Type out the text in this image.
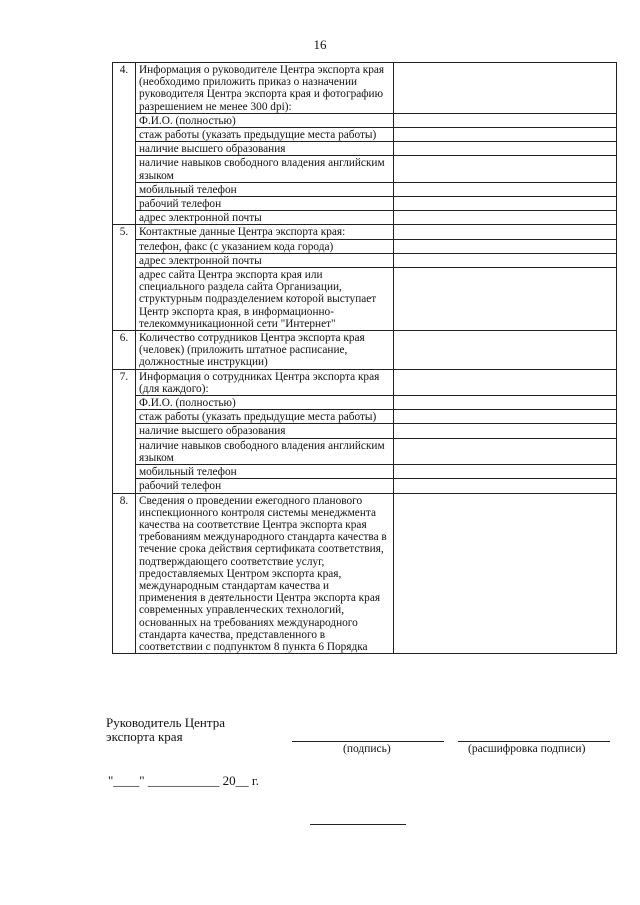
16
4.	Информация о руководителе Центра экспорта края (необходимо приложить приказ о назначении руководителя Центра экспорта края и фотографию разрешением не менее 300 dpi):	
	Ф.И.О. (полностью)	
	стаж работы (указать предыдущие места работы)	
	наличие высшего образования	
	наличие навыков свободного владения английским языком	
	мобильный телефон	
	рабочий телефон	
	адрес электронной почты	
5.	Контактные данные Центра экспорта края:	
	телефон, факс (с указанием кода города)	
	адрес электронной почты	
	адрес сайта Центра экспорта края или специального раздела сайта Организации, структурным подразделением которой выступает Центр экспорта края, в информационно-телекоммуникационной сети "Интернет"	
6.	Количество сотрудников Центра экспорта края (человек) (приложить штатное расписание, должностные инструкции)	
7.	Информация о сотрудниках Центра экспорта края (для каждого):	
	Ф.И.О. (полностью)	
	стаж работы (указать предыдущие места работы)	
	наличие высшего образования	
	наличие навыков свободного владения английским языком	
	мобильный телефон	
	рабочий телефон	
8.	Сведения о проведении ежегодного планового инспекционного контроля системы менеджмента качества на соответствие Центра экспорта края требованиям международного стандарта качества в течение срока действия сертификата соответствия, подтверждающего соответствие услуг, предоставляемых Центром экспорта края, международным стандартам качества и применения в деятельности Центра экспорта края современных управленческих технологий, основанных на требованиях международного стандарта качества, представленного в соответствии с подпунктом 8 пункта 6 Порядка	
Руководитель Центра
экспорта края
(подпись)	(расшифровка подписи)
"____" ___________ 20__ г.
